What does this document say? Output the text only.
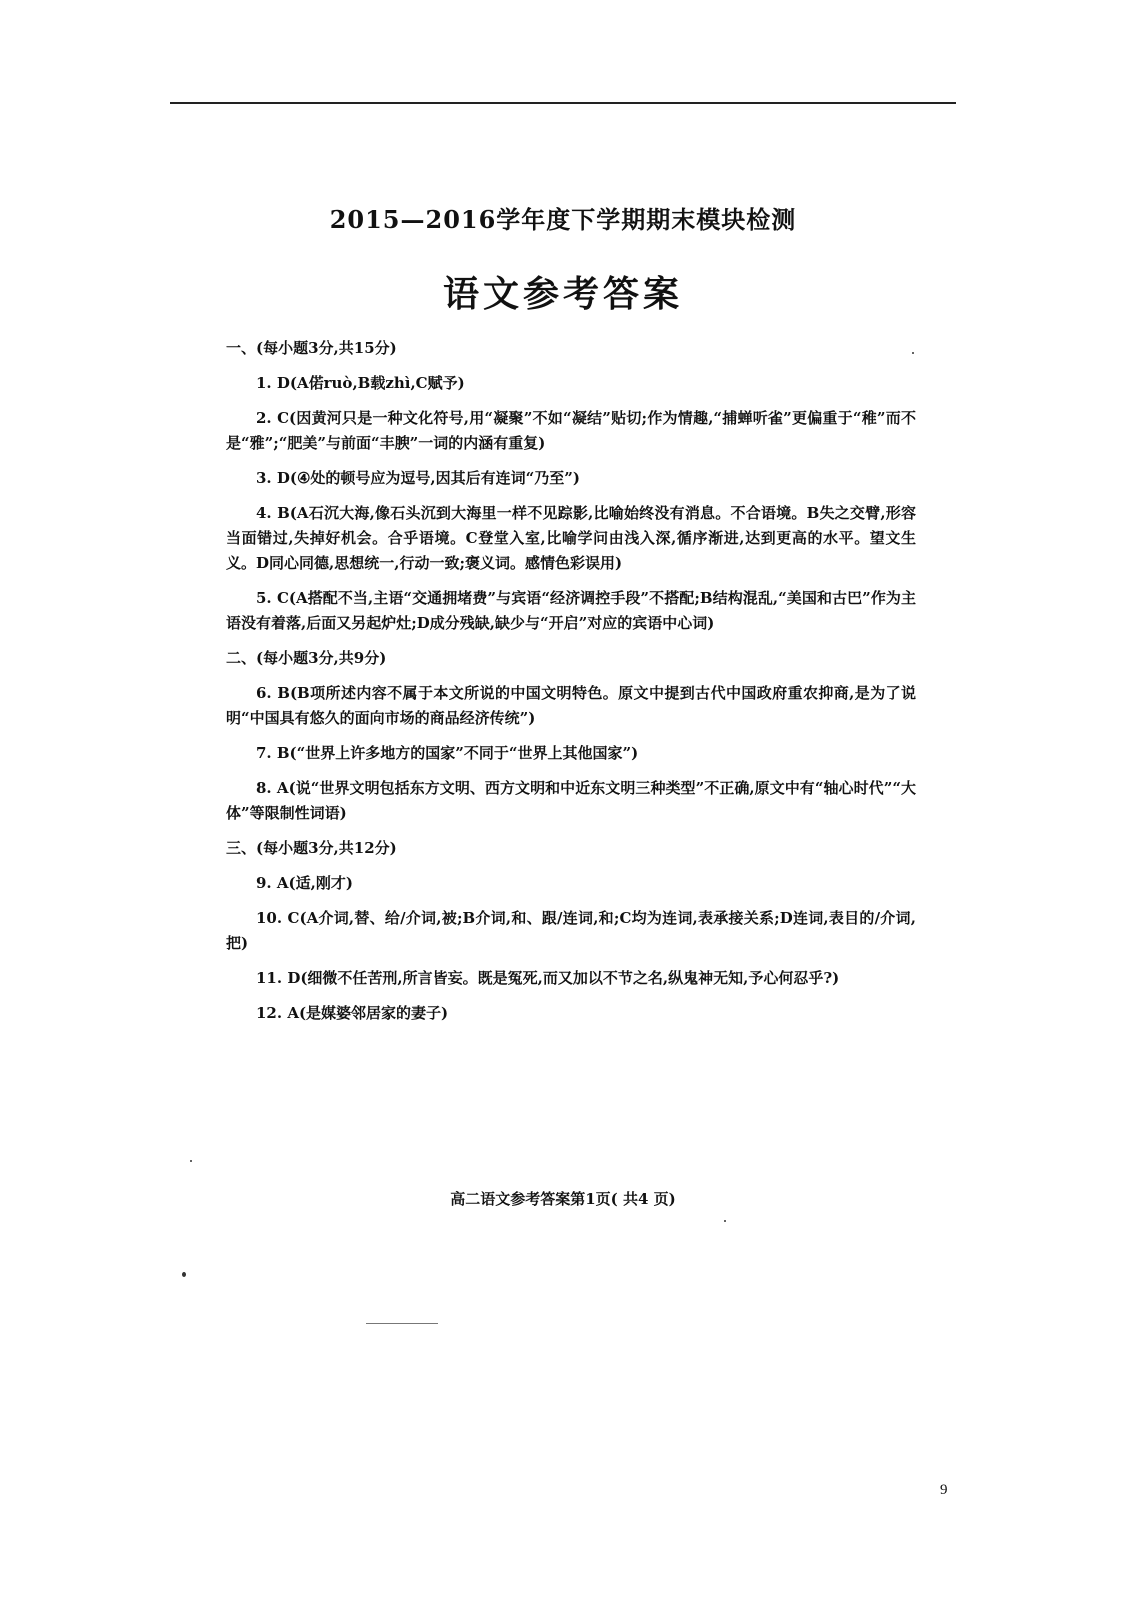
2015—2016学年度下学期期末模块检测
语文参考答案
一、(每小题3分,共15分)
1. D(A偌ruò,B载zhì,C赋予)
2. C(因黄河只是一种文化符号,用“凝聚”不如“凝结”贴切;作为情趣,“捕蝉听雀”更偏重于“稚”而不是“雅”;“肥美”与前面“丰腴”一词的内涵有重复)
3. D(④处的顿号应为逗号,因其后有连词“乃至”)
4. B(A石沉大海,像石头沉到大海里一样不见踪影,比喻始终没有消息。不合语境。B失之交臂,形容当面错过,失掉好机会。合乎语境。C登堂入室,比喻学问由浅入深,循序渐进,达到更高的水平。望文生义。D同心同德,思想统一,行动一致;褒义词。感情色彩误用)
5. C(A搭配不当,主语“交通拥堵费”与宾语“经济调控手段”不搭配;B结构混乱,“美国和古巴”作为主语没有着落,后面又另起炉灶;D成分残缺,缺少与“开启”对应的宾语中心词)
二、(每小题3分,共9分)
6. B(B项所述内容不属于本文所说的中国文明特色。原文中提到古代中国政府重农抑商,是为了说明“中国具有悠久的面向市场的商品经济传统”)
7. B(“世界上许多地方的国家”不同于“世界上其他国家”)
8. A(说“世界文明包括东方文明、西方文明和中近东文明三种类型”不正确,原文中有“轴心时代”“大体”等限制性词语)
三、(每小题3分,共12分)
9. A(适,刚才)
10. C(A介词,替、给/介词,被;B介词,和、跟/连词,和;C均为连词,表承接关系;D连词,表目的/介词,把)
11. D(细微不任苦刑,所言皆妄。既是冤死,而又加以不节之名,纵鬼神无知,予心何忍乎?)
12. A(是媒婆邻居家的妻子)
高二语文参考答案第1页( 共4 页)
9
